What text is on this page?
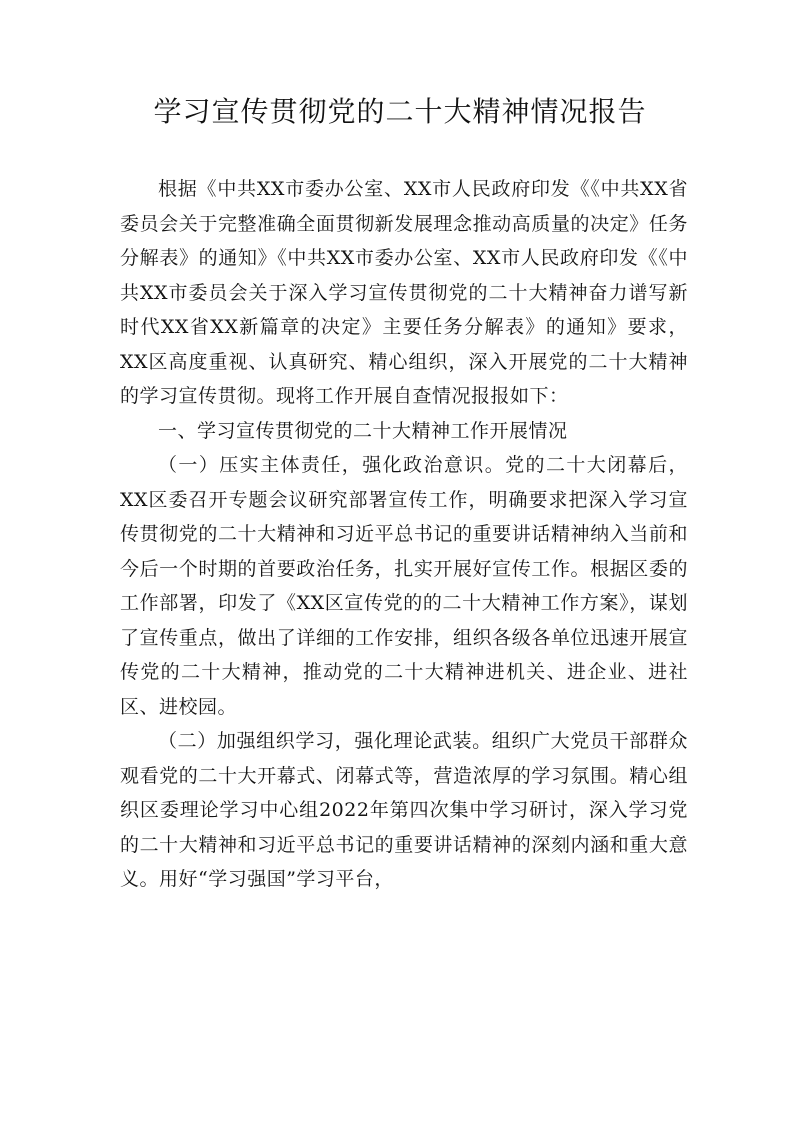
学习宣传贯彻党的二十大精神情况报告

根据《中共XX市委办公室、XX市人民政府印发《《中共XX省委员会关于完整准确全面贯彻新发展理念推动高质量的决定》任务分解表》的通知》《中共XX市委办公室、XX市人民政府印发《《中共XX市委员会关于深入学习宣传贯彻党的二十大精神奋力谱写新时代XX省XX新篇章的决定》主要任务分解表》的通知》要求，XX区高度重视、认真研究、精心组织，深入开展党的二十大精神的学习宣传贯彻。现将工作开展自查情况报报如下：

一、学习宣传贯彻党的二十大精神工作开展情况

（一）压实主体责任，强化政治意识。党的二十大闭幕后，XX区委召开专题会议研究部署宣传工作，明确要求把深入学习宣传贯彻党的二十大精神和习近平总书记的重要讲话精神纳入当前和今后一个时期的首要政治任务，扎实开展好宣传工作。根据区委的工作部署，印发了《XX区宣传党的的二十大精神工作方案》，谋划了宣传重点，做出了详细的工作安排，组织各级各单位迅速开展宣传党的二十大精神，推动党的二十大精神进机关、进企业、进社区、进校园。

（二）加强组织学习，强化理论武装。组织广大党员干部群众观看党的二十大开幕式、闭幕式等，营造浓厚的学习氛围。精心组织区委理论学习中心组2022年第四次集中学习研讨，深入学习党的二十大精神和习近平总书记的重要讲话精神的深刻内涵和重大意义。用好“学习强国”学习平台，
